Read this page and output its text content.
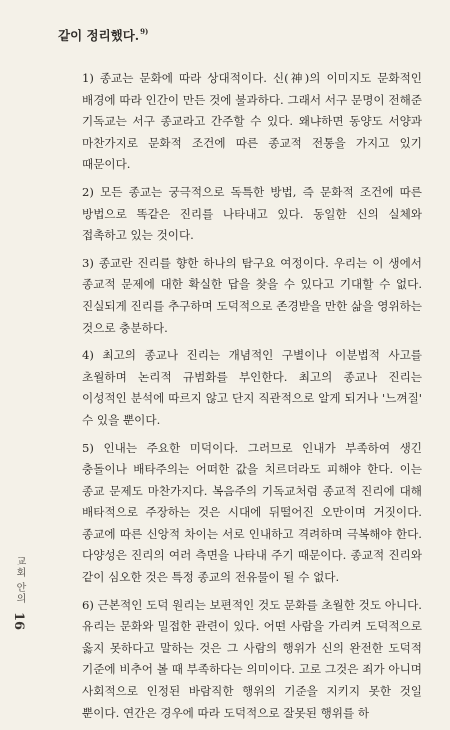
같이 정리했다.$^{9)}$

1) 종교는 문화에 따라 상대적이다. 신(神)의 이미지도 문화적인 배경에 따라 인간이 만든 것에 불과하다. 그래서 서구 문명이 전해준 기독교는 서구 종교라고 간주할 수 있다. 왜냐하면 동양도 서양과 마찬가지로 문화적 조건에 따른 종교적 전통을 가지고 있기 때문이다.

2) 모든 종교는 궁극적으로 독특한 방법, 즉 문화적 조건에 따른 방법으로 똑같은 진리를 나타내고 있다. 동일한 신의 실체와 접촉하고 있는 것이다.

3) 종교란 진리를 향한 하나의 탐구요 여정이다. 우리는 이 생에서 종교적 문제에 대한 확실한 답을 찾을 수 있다고 기대할 수 없다. 진실되게 진리를 추구하며 도덕적으로 존경받을 만한 삶을 영위하는 것으로 충분하다.

4) 최고의 종교나 진리는 개념적인 구별이나 이분법적 사고를 초월하며 논리적 규범화를 부인한다. 최고의 종교나 진리는 이성적인 분석에 따르지 않고 단지 직관적으로 알게 되거나 '느껴질' 수 있을 뿐이다.

5) 인내는 주요한 미덕이다. 그러므로 인내가 부족하여 생긴 충돌이나 배타주의는 어떠한 값을 치르더라도 피해야 한다. 이는 종교 문제도 마찬가지다. 복음주의 기독교처럼 종교적 진리에 대해 배타적으로 주장하는 것은 시대에 뒤떨어진 오만이며 거짓이다. 종교에 따른 신앙적 차이는 서로 인내하고 격려하며 극복해야 한다. 다양성은 진리의 여러 측면을 나타내 주기 때문이다. 종교적 진리와 같이 심오한 것은 특정 종교의 전유물이 될 수 없다.

6) 근본적인 도덕 원리는 보편적인 것도 문화를 초월한 것도 아니다. 유리는 문화와 밀접한 관련이 있다. 어떤 사람을 가리켜 도덕적으로 옳지 못하다고 말하는 것은 그 사람의 행위가 신의 완전한 도덕적 기준에 비추어 볼 때 부족하다는 의미이다. 고로 그것은 죄가 아니며 사회적으로 인정된 바람직한 행위의 기준을 지키지 못한 것일 뿐이다. 연간은 경우에 따라 도덕적으로 잘못된 행위를 하

교회 안의
16
